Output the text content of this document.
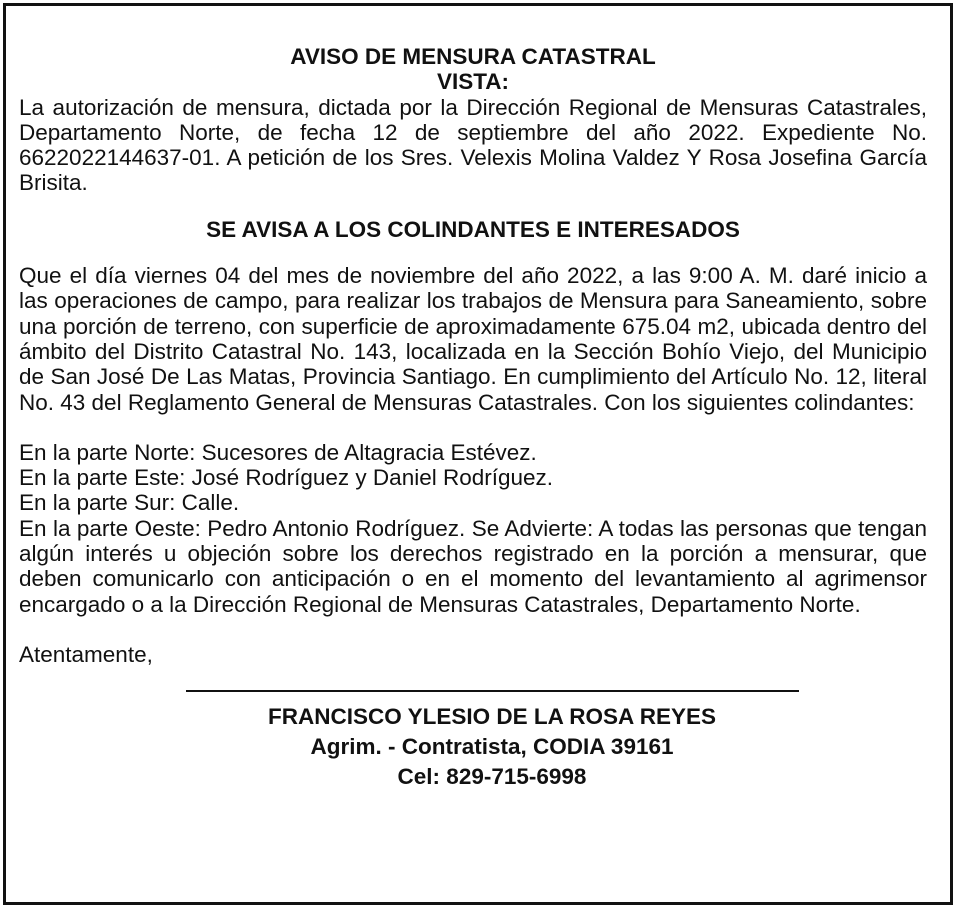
AVISO DE MENSURA CATASTRAL

VISTA:

La autorización de mensura, dictada por la Dirección Regional de Mensuras Catastrales, Departamento Norte, de fecha 12 de septiembre del año 2022. Expediente No. 6622022144637-01. A petición de los Sres. Velexis Molina Valdez Y Rosa Josefina García Brisita.

SE AVISA A LOS COLINDANTES E INTERESADOS

Que el día viernes 04 del mes de noviembre del año 2022, a las 9:00 A. M. daré inicio a las operaciones de campo, para realizar los trabajos de Mensura para Saneamiento, sobre una porción de terreno, con superficie de aproximadamente 675.04 m2, ubicada dentro del ámbito del Distrito Catastral No. 143, localizada en la Sección Bohío Viejo, del Municipio de San José De Las Matas, Provincia Santiago. En cumplimiento del Artículo No. 12, literal No. 43 del Reglamento General de Mensuras Catastrales. Con los siguientes colindantes:

En la parte Norte: Sucesores de Altagracia Estévez.

En la parte Este: José Rodríguez y Daniel Rodríguez.

En la parte Sur: Calle.

En la parte Oeste: Pedro Antonio Rodríguez. Se Advierte: A todas las personas que tengan algún interés u objeción sobre los derechos registrado en la porción a mensurar, que deben comunicarlo con anticipación o en el momento del levantamiento al agrimensor encargado o a la Dirección Regional de Mensuras Catastrales, Departamento Norte.

Atentamente,

FRANCISCO YLESIO DE LA ROSA REYES

Agrim. - Contratista, CODIA 39161

Cel: 829-715-6998
